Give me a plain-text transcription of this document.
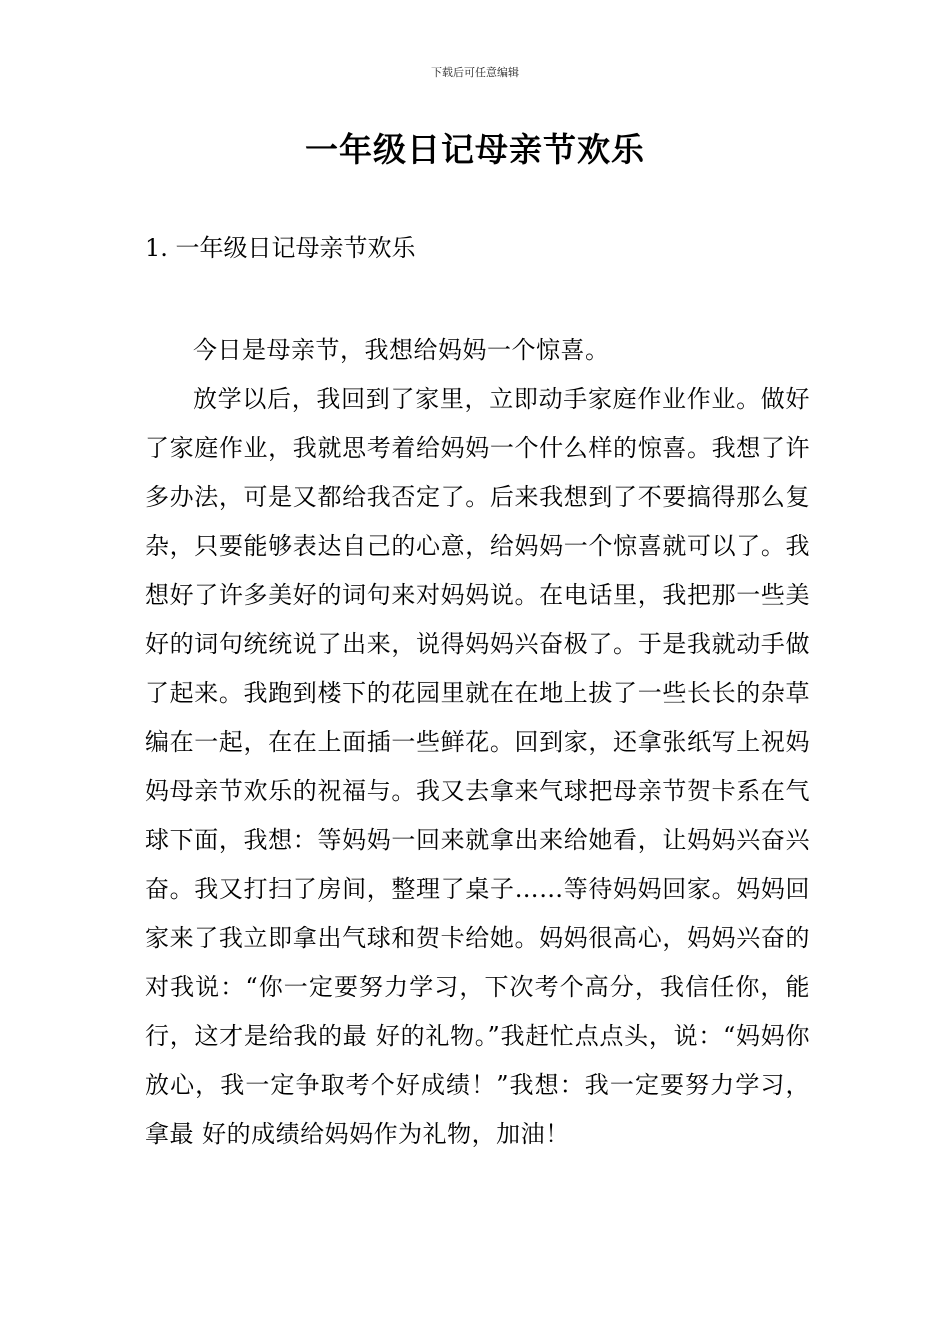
下载后可任意编辑
一年级日记母亲节欢乐
1. 一年级日记母亲节欢乐

今日是母亲节，我想给妈妈一个惊喜。

放学以后，我回到了家里，立即动手家庭作业作业。做好了家庭作业，我就思考着给妈妈一个什么样的惊喜。我想了许多办法，可是又都给我否定了。后来我想到了不要搞得那么复杂，只要能够表达自己的心意，给妈妈一个惊喜就可以了。我想好了许多美好的词句来对妈妈说。在电话里，我把那一些美好的词句统统说了出来，说得妈妈兴奋极了。于是我就动手做了起来。我跑到楼下的花园里就在在地上拔了一些长长的杂草编在一起，在在上面插一些鲜花。回到家，还拿张纸写上祝妈妈母亲节欢乐的祝福与。我又去拿来气球把母亲节贺卡系在气球下面，我想：等妈妈一回来就拿出来给她看，让妈妈兴奋兴奋。我又打扫了房间，整理了桌子……等待妈妈回家。妈妈回家来了我立即拿出气球和贺卡给她。妈妈很高心，妈妈兴奋的对我说：“你一定要努力学习，下次考个高分，我信任你，能行，这才是给我的最 好的礼物。”我赶忙点点头，说：“妈妈你放心，我一定争取考个好成绩！”我想：我一定要努力学习，拿最 好的成绩给妈妈作为礼物，加油！
